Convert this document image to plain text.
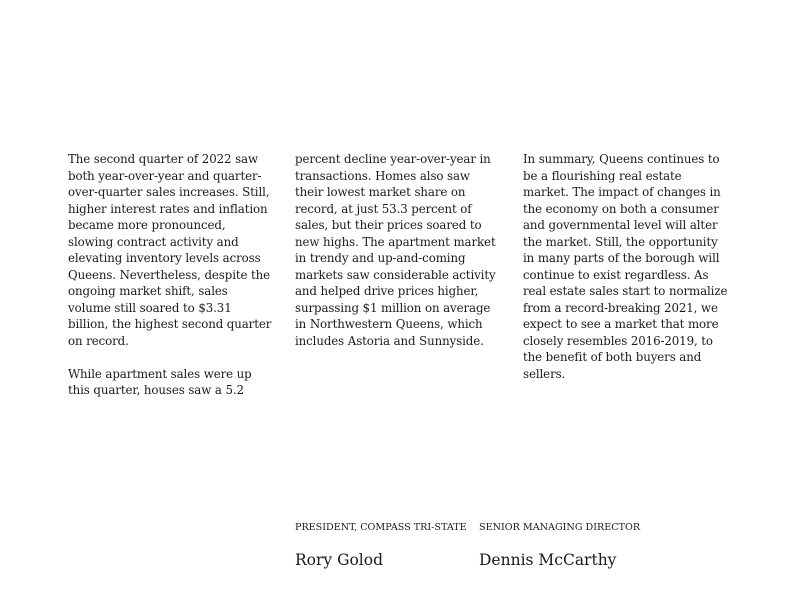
The second quarter of 2022 saw both year-over-year and quarter-over-quarter sales increases. Still, higher interest rates and inflation became more pronounced, slowing contract activity and elevating inventory levels across Queens. Nevertheless, despite the ongoing market shift, sales volume still soared to $3.31 billion, the highest second quarter on record.

While apartment sales were up this quarter, houses saw a 5.2

percent decline year-over-year in transactions. Homes also saw their lowest market share on record, at just 53.3 percent of sales, but their prices soared to new highs. The apartment market in trendy and up-and-coming markets saw considerable activity and helped drive prices higher, surpassing $1 million on average in Northwestern Queens, which includes Astoria and Sunnyside.

In summary, Queens continues to be a flourishing real estate market. The impact of changes in the economy on both a consumer and governmental level will alter the market. Still, the opportunity in many parts of the borough will continue to exist regardless. As real estate sales start to normalize from a record-breaking 2021, we expect to see a market that more closely resembles 2016-2019, to the benefit of both buyers and sellers.

PRESIDENT, COMPASS TRI-STATE
Rory Golod
SENIOR MANAGING DIRECTOR
Dennis McCarthy
